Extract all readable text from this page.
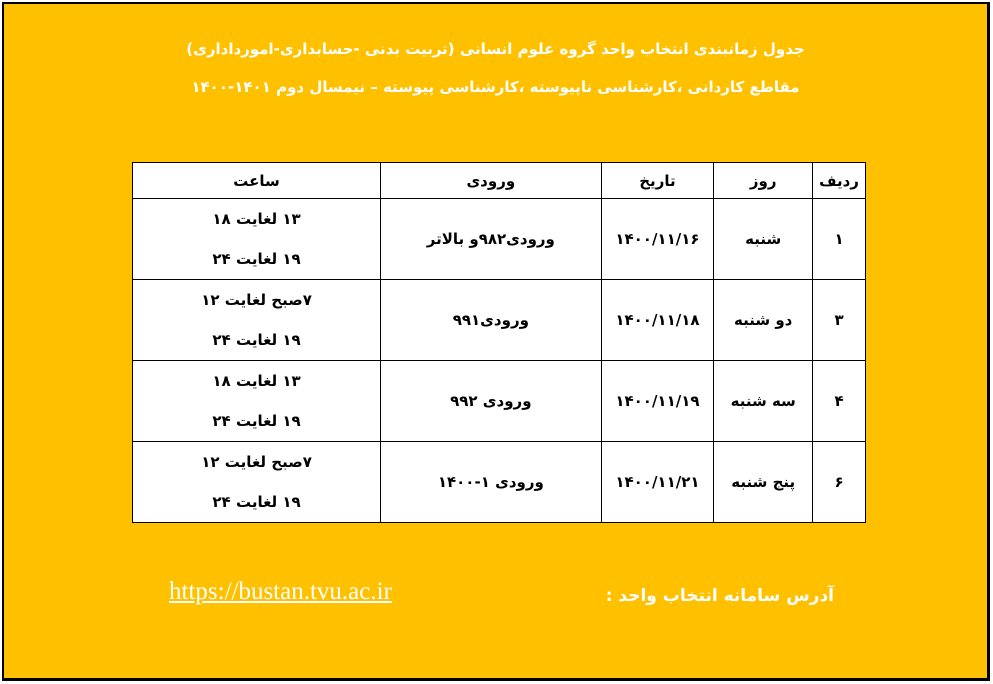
جدول زمانبندی انتخاب واحد گروه علوم انسانی (تربیت بدنی -حسابداری-امورداداری)
مقاطع کاردانی ،کارشناسی ناپیوسته ،کارشناسی پیوسته – نیمسال دوم ۱۴۰۱-۱۴۰۰
ردیف	روز	تاریخ	ورودی	ساعت
۱	شنبه	۱۴۰۰/۱۱/۱۶	ورودی۹۸۲و بالاتر	۱۳ لغایت ۱۸
۱۹ لغایت ۲۴

۳	دو شنبه	۱۴۰۰/۱۱/۱۸	ورودی۹۹۱	۷صبح لغایت ۱۲
۱۹ لغایت ۲۴

۴	سه شنبه	۱۴۰۰/۱۱/۱۹	ورودی ۹۹۲	۱۳ لغایت ۱۸
۱۹ لغایت ۲۴

۶	پنج شنبه	۱۴۰۰/۱۱/۲۱	ورودی ۱-۱۴۰۰	۷صبح لغایت ۱۲
۱۹ لغایت ۲۴
آدرس سامانه انتخاب واحد :
https://bustan.tvu.ac.ir
